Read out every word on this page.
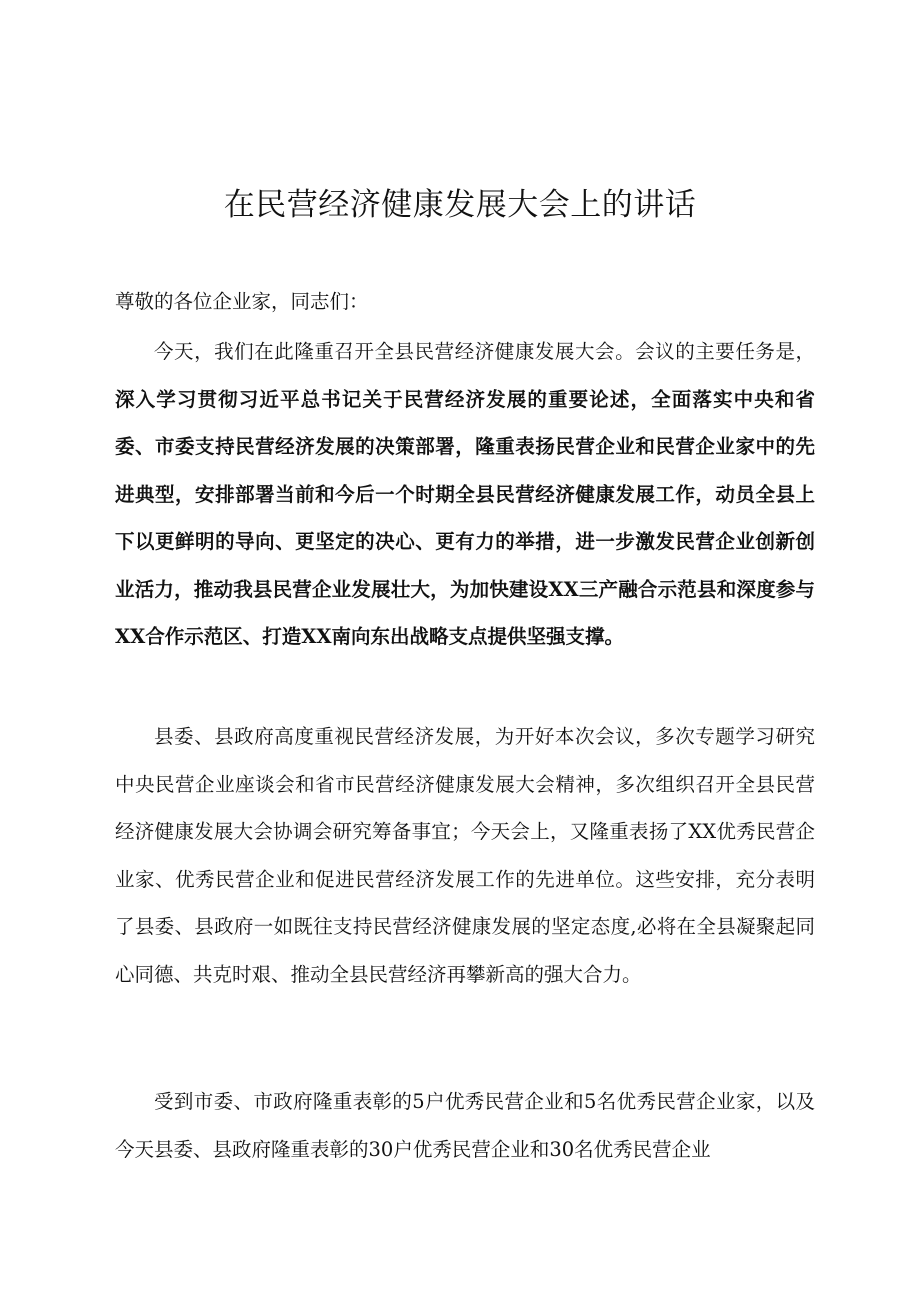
在民营经济健康发展大会上的讲话

尊敬的各位企业家，同志们：

今天，我们在此隆重召开全县民营经济健康发展大会。会议的主要任务是，深入学习贯彻习近平总书记关于民营经济发展的重要论述，全面落实中央和省委、市委支持民营经济发展的决策部署，隆重表扬民营企业和民营企业家中的先进典型，安排部署当前和今后一个时期全县民营经济健康发展工作，动员全县上下以更鲜明的导向、更坚定的决心、更有力的举措，进一步激发民营企业创新创业活力，推动我县民营企业发展壮大，为加快建设XX三产融合示范县和深度参与XX合作示范区、打造XX南向东出战略支点提供坚强支撑。

县委、县政府高度重视民营经济发展，为开好本次会议，多次专题学习研究中央民营企业座谈会和省市民营经济健康发展大会精神，多次组织召开全县民营经济健康发展大会协调会研究筹备事宜；今天会上，又隆重表扬了XX优秀民营企业家、优秀民营企业和促进民营经济发展工作的先进单位。这些安排，充分表明了县委、县政府一如既往支持民营经济健康发展的坚定态度,必将在全县凝聚起同心同德、共克时艰、推动全县民营经济再攀新高的强大合力。

受到市委、市政府隆重表彰的5户优秀民营企业和5名优秀民营企业家，以及今天县委、县政府隆重表彰的30户优秀民营企业和30名优秀民营企业
